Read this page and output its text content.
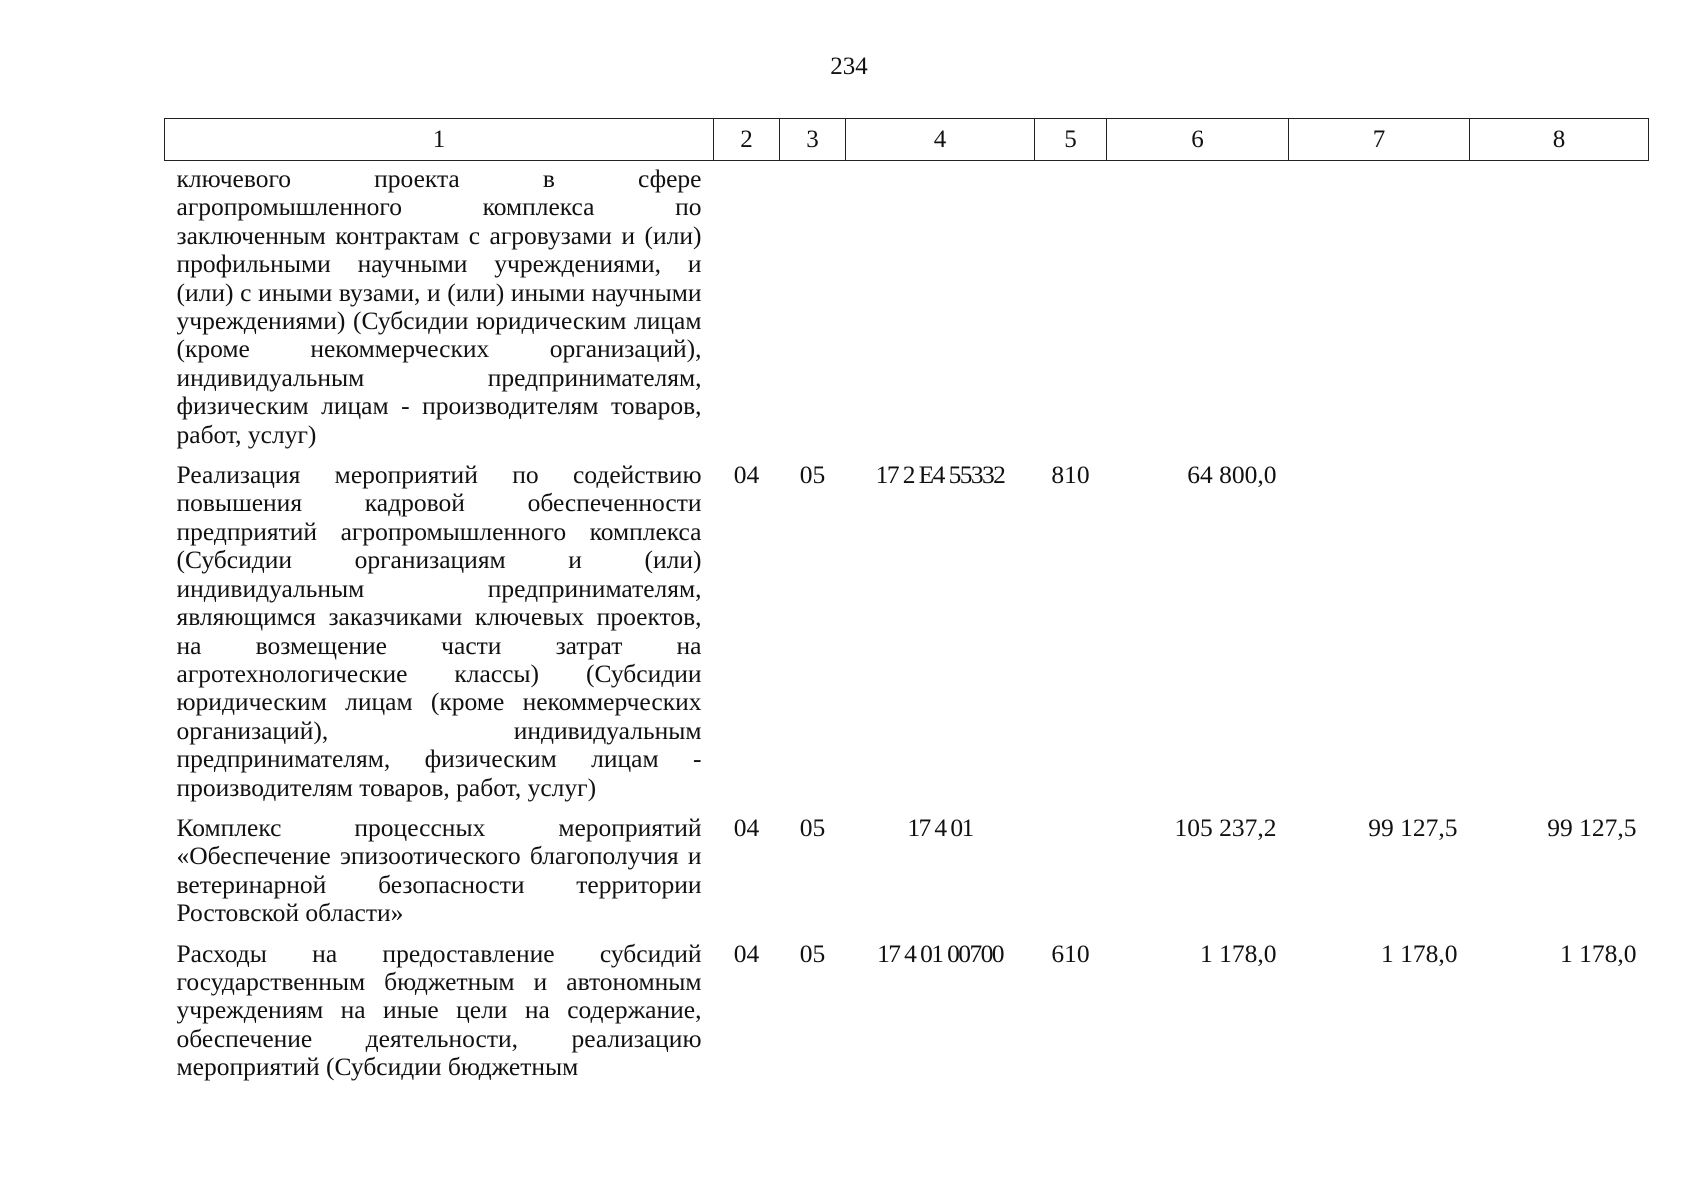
234
1	2	3	4	5	6	7	8
ключевого проекта в сфере агропромышленного комплекса по заключенным контрактам с агровузами и (или) профильными научными учреждениями, и (или) с иными вузами, и (или) иными научными учреждениями) (Субсидии юридическим лицам (кроме некоммерческих организаций), индивидуальным предпринимателям, физическим лицам - производителям товаров, работ, услуг)							
Реализация мероприятий по содействию повышения кадровой обеспеченности предприятий агропромышленного комплекса (Субсидии организациям и (или) индивидуальным предпринимателям, являющимся заказчиками ключевых проектов, на возмещение части затрат на агротехнологические классы) (Субсидии юридическим лицам (кроме некоммерческих организаций), индивидуальным предпринимателям, физическим лицам - производителям товаров, работ, услуг)	04	05	17 2 Е4 55332	810	64 800,0		
Комплекс процессных мероприятий «Обеспечение эпизоотического благополучия и ветеринарной безопасности территории Ростовской области»	04	05	17 4 01		105 237,2	99 127,5	99 127,5
Расходы на предоставление субсидий государственным бюджетным и автономным учреждениям на иные цели на содержание, обеспечение деятельности, реализацию мероприятий (Субсидии бюджетным	04	05	17 4 01 00700	610	1 178,0	1 178,0	1 178,0
